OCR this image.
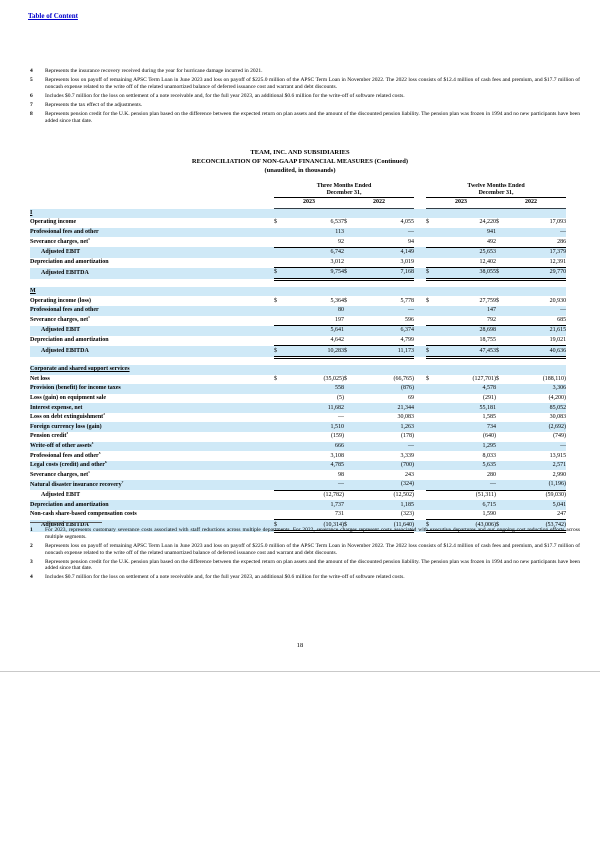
Table of Content
4	Represents the insurance recovery received during the year for hurricane damage incurred in 2021.
5	Represents loss on payoff of remaining APSC Term Loan in June 2023 and loss on payoff of $225.0 million of the APSC Term Loan in November 2022. The 2022 loss consists of $12.4 million of cash fees and premium, and $17.7 million of noncash expense related to the write off of the related unamortized balance of deferred issuance cost and warrant and debt discounts.
6	Includes $0.7 million for the loss on settlement of a note receivable and, for the full year 2023, an additional $0.6 million for the write-off of software related costs.
7	Represents the tax effect of the adjustments.
8	Represents pension credit for the U.K. pension plan based on the difference between the expected return on plan assets and the amount of the discounted pension liability. The pension plan was frozen in 1994 and no new participants have been added since that date.
TEAM, INC. AND SUBSIDIARIES
RECONCILIATION OF NON-GAAP FINANCIAL MEASURES (Continued)
(unaudited, in thousands)

Three Months Ended
December 31,

Twelve Months Ended
December 31,

	2023		2022			2023		2022	
I									
Operating income	$	6,537	$	4,055		$	24,220	$	17,093
Professional fees and other		113		—			941		—
Severance charges, net$^1$		92		94			492		286
Adjusted EBIT		6,742		4,149			25,653		17,379
Depreciation and amortization		3,012		3,019			12,402		12,391
Adjusted EBITDA	$	9,754	$	7,168		$	38,055	$	29,770

M									
Operating income (loss)	$	5,364	$	5,778		$	27,759	$	20,930
Professional fees and other		80		—			147		—
Severance charges, net$^1$		197		596			792		685
Adjusted EBIT		5,641		6,374			28,698		21,615
Depreciation and amortization		4,642		4,799			18,755		19,021
Adjusted EBITDA	$	10,283	$	11,173		$	47,453	$	40,636

Corporate and shared support services									
Net loss	$	(35,025)	$	(66,765)		$	(127,701)	$	(188,110)
Provision (benefit) for income taxes		558		(876)			4,578		3,306
Loss (gain) on equipment sale		(5)		69			(291)		(4,200)
Interest expense, net		11,682		21,344			55,181		85,052
Loss on debt extinguishment$^2$		—		30,083			1,585		30,083
Foreign currency loss (gain)		1,510		1,263			734		(2,692)
Pension credit$^3$		(159)		(178)			(640)		(749)
Write-off of other assets$^4$		666		—			1,295		—
Professional fees and other$^5$		3,108		3,339			8,033		13,915
Legal costs (credit) and other$^6$		4,785		(700)			5,635		2,571
Severance charges, net$^1$		98		243			280		2,990
Natural disaster insurance recovery$^7$		—		(324)			—		(1,196)
Adjusted EBIT		(12,782)		(12,502)			(51,311)		(59,030)
Depreciation and amortization		1,737		1,185			6,715		5,041
Non-cash share-based compensation costs		731		(323)			1,590		247
Adjusted EBITDA	$	(10,314)	$	(11,640)		$	(43,006)	$	(53,742)
1	For 2023, represents customary severance costs associated with staff reductions across multiple departments. For 2022, severance charges represent costs associated with executive departures and our ongoing cost reduction efforts across multiple segments.
2	Represents loss on payoff of remaining APSC Term Loan in June 2023 and loss on payoff of $225.0 million of the APSC Term Loan in November 2022. The 2022 loss consists of $12.4 million of cash fees and premium, and $17.7 million of noncash expense related to the write off of the related unamortized balance of deferred issuance cost and warrant and debt discounts.
3	Represents pension credit for the U.K. pension plan based on the difference between the expected return on plan assets and the amount of the discounted pension liability. The pension plan was frozen in 1994 and no new participants have been added since that date.
4	Includes $0.7 million for the loss on settlement of a note receivable and, for the full year 2023, an additional $0.6 million for the write-off of software related costs.
18
